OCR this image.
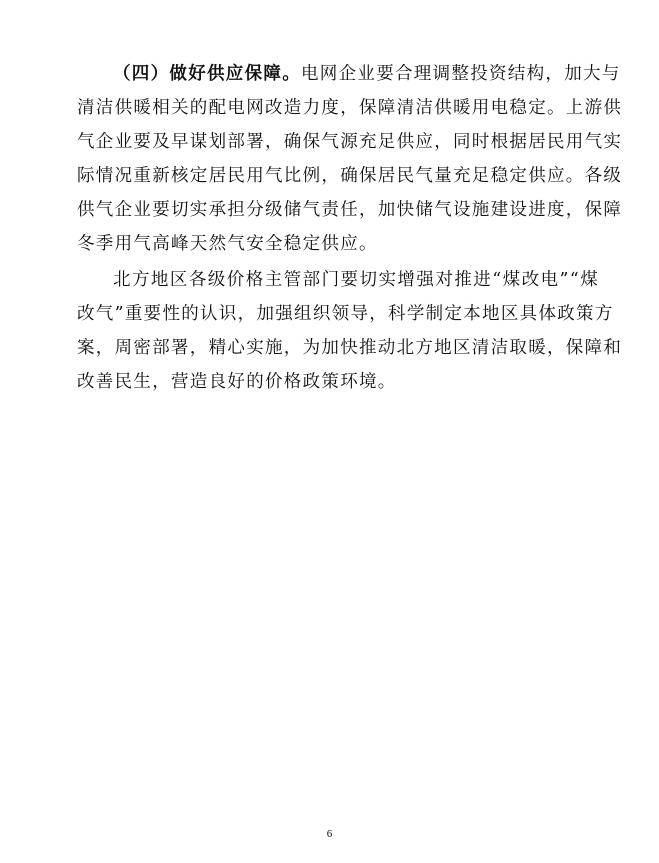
（四）做好供应保障。电网企业要合理调整投资结构，加大与
清洁供暖相关的配电网改造力度，保障清洁供暖用电稳定。上游供
气企业要及早谋划部署，确保气源充足供应，同时根据居民用气实
际情况重新核定居民用气比例，确保居民气量充足稳定供应。各级
供气企业要切实承担分级储气责任，加快储气设施建设进度，保障
冬季用气高峰天然气安全稳定供应。
北方地区各级价格主管部门要切实增强对推进“煤改电”“煤
改气”重要性的认识，加强组织领导，科学制定本地区具体政策方
案，周密部署，精心实施，为加快推动北方地区清洁取暖，保障和
改善民生，营造良好的价格政策环境。
6
